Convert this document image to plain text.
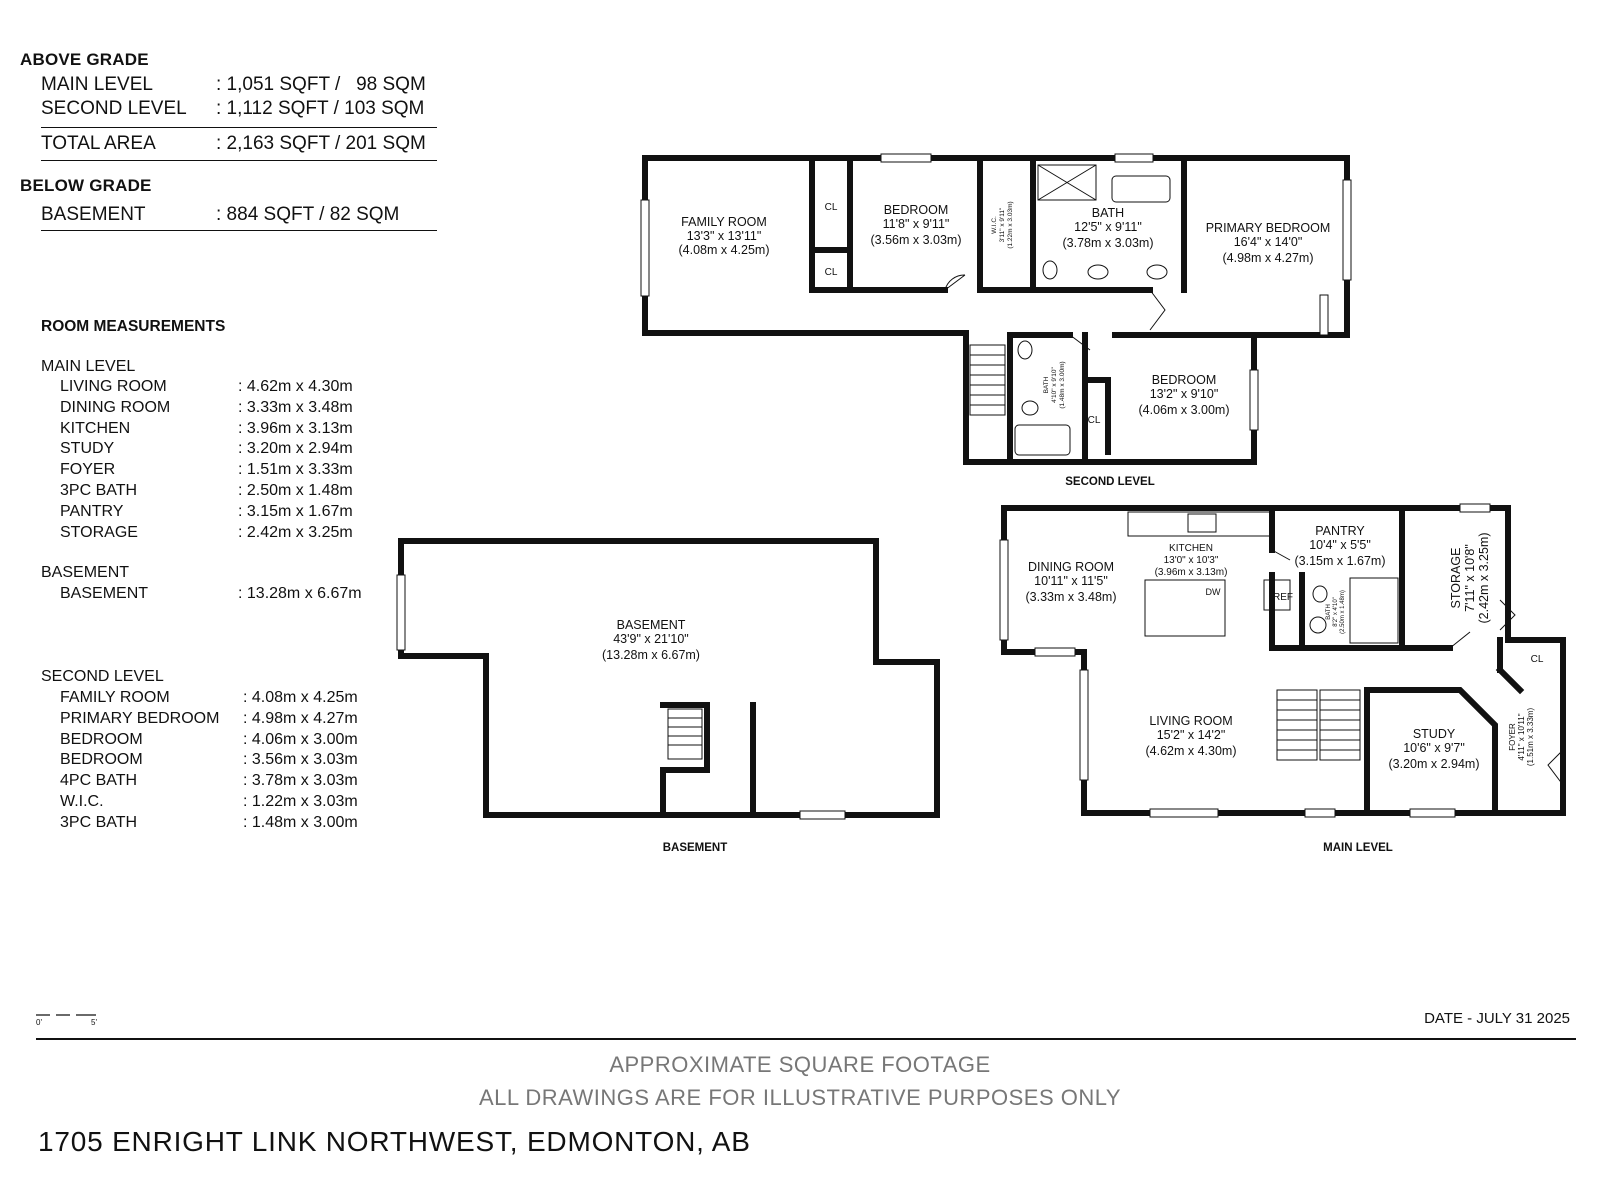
ABOVE GRADE
MAIN LEVEL	: 1,051 SQFT /   98 SQM
SECOND LEVEL : 1,112 SQFT / 103 SQM
TOTAL AREA	: 2,163 SQFT / 201 SQM
BELOW GRADE
BASEMENT	: 884 SQFT / 82 SQM
ROOM MEASUREMENTS
MAIN LEVEL
LIVING ROOM	: 4.62m x 4.30m
DINING ROOM	: 3.33m x 3.48m
KITCHEN	: 3.96m x 3.13m
STUDY	: 3.20m x 2.94m
FOYER	: 1.51m x 3.33m
3PC BATH	: 2.50m x 1.48m
PANTRY	: 3.15m x 1.67m
STORAGE	: 2.42m x 3.25m
BASEMENT
BASEMENT	: 13.28m x 6.67m
SECOND LEVEL
FAMILY ROOM	: 4.08m x 4.25m
PRIMARY BEDROOM : 4.98m x 4.27m
BEDROOM	: 4.06m x 3.00m
BEDROOM	: 3.56m x 3.03m
4PC BATH	: 3.78m x 3.03m
W.I.C.	: 1.22m x 3.03m
3PC BATH	: 1.48m x 3.00m
FAMILY ROOM
13'3" x 13'11"
(4.08m x 4.25m)
BEDROOM
11'8" x 9'11"
(3.56m x 3.03m)
BATH
12'5" x 9'11"
(3.78m x 3.03m)
PRIMARY BEDROOM
16'4" x 14'0"
(4.98m x 4.27m)
BEDROOM
13'2" x 9'10"
(4.06m x 3.00m)
BASEMENT
43'9" x 21'10"
(13.28m x 6.67m)
DINING ROOM
10'11" x 11'5"
(3.33m x 3.48m)
KITCHEN
13'0" x 10'3"
(3.96m x 3.13m)
PANTRY
10'4" x 5'5"
(3.15m x 1.67m)
LIVING ROOM
15'2" x 14'2"
(4.62m x 4.30m)
STUDY
10'6" x 9'7"
(3.20m x 2.94m)
CL
CL
CL
CL
REF
DW	STORAGE 7'11" x 10'8" (2.42m x 3.25m)
FOYER 4'11" x 10'11" (1.51m x 3.33m)
W.I.C. 3'11" x 9'11" (1.22m x 3.03m)
BATH 4'10" x 9'10" (1.48m x 3.00m)
BATH 8'2" x 4'10" (2.50m x 1.48m)
SECOND LEVEL
BASEMENT	MAIN LEVEL
0'	5'	DATE - JULY 31 2025
APPROXIMATE SQUARE FOOTAGE
ALL DRAWINGS ARE FOR ILLUSTRATIVE PURPOSES ONLY
1705 ENRIGHT LINK NORTHWEST, EDMONTON, AB
